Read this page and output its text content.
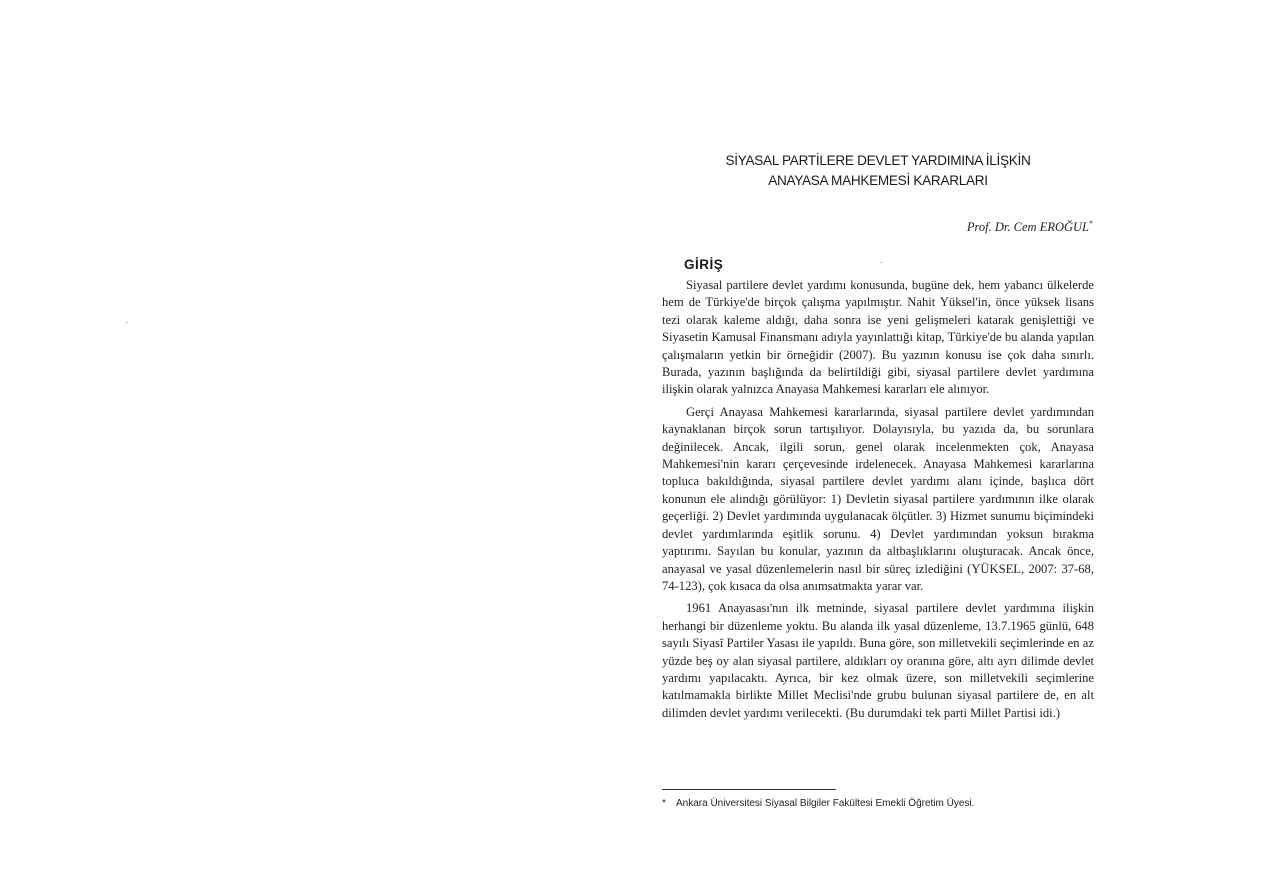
SİYASAL PARTİLERE DEVLET YARDIMINA İLİŞKİN
ANAYASA MAHKEMESİ KARARLARI
Prof. Dr. Cem EROĞUL*
GİRİŞ

Siyasal partilere devlet yardımı konusunda, bugüne dek, hem yabancı ülkelerde hem de Türkiye'de birçok çalışma yapılmıştır. Nahit Yüksel'in, önce yüksek lisans tezi olarak kaleme aldığı, daha sonra ise yeni gelişmeleri katarak genişlettiği ve Siyasetin Kamusal Finansmanı adıyla yayınlattığı kitap, Türkiye'de bu alanda yapılan çalışmaların yetkin bir örneğidir (2007). Bu yazının konusu ise çok daha sınırlı. Burada, yazının başlığında da belirtildiği gibi, siyasal partilere devlet yardımına ilişkin olarak yalnızca Anayasa Mahkemesi kararları ele alınıyor.

Gerçi Anayasa Mahkemesi kararlarında, siyasal partilere devlet yardımından kaynaklanan birçok sorun tartışılıyor. Dolayısıyla, bu yazıda da, bu sorunlara değinilecek. Ancak, ilgili sorun, genel olarak incelenmekten çok, Anayasa Mahkemesi'nin kararı çerçevesinde irdelenecek. Anayasa Mahkemesi kararlarına topluca bakıldığında, siyasal partilere devlet yardımı alanı içinde, başlıca dört konunun ele alındığı görülüyor: 1) Devletin siyasal partilere yardımının ilke olarak geçerliği. 2) Devlet yardımında uygulanacak ölçütler. 3) Hizmet sunumu biçimindeki devlet yardımlarında eşitlik sorunu. 4) Devlet yardımından yoksun bırakma yaptırımı. Sayılan bu konular, yazının da altbaşlıklarını oluşturacak. Ancak önce, anayasal ve yasal düzenlemelerin nasıl bir süreç izlediğini (YÜKSEL, 2007: 37-68, 74-123), çok kısaca da olsa anımsatmakta yarar var.

1961 Anayasası'nın ilk metninde, siyasal partilere devlet yardımına ilişkin herhangi bir düzenleme yoktu. Bu alanda ilk yasal düzenleme, 13.7.1965 günlü, 648 sayılı Siyasî Partiler Yasası ile yapıldı. Buna göre, son milletvekili seçimlerinde en az yüzde beş oy alan siyasal partilere, aldıkları oy oranına göre, altı ayrı dilimde devlet yardımı yapılacaktı. Ayrıca, bir kez olmak üzere, son milletvekili seçimlerine katılmamakla birlikte Millet Meclisi'nde grubu bulunan siyasal partilere de, en alt dilimden devlet yardımı verilecekti. (Bu durumdaki tek parti Millet Partisi idi.)

* Ankara Üniversitesi Siyasal Bilgiler Fakültesi Emekli Öğretim Üyesi.
